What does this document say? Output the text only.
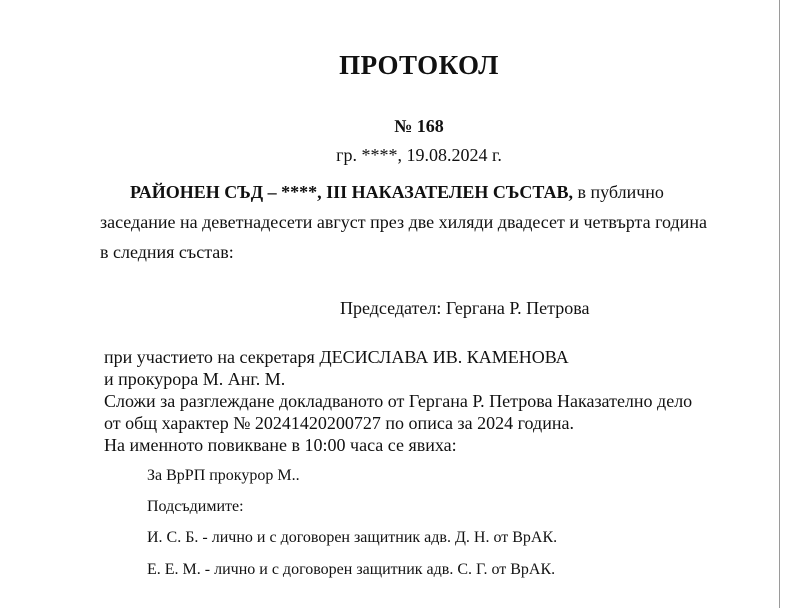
ПРОТОКОЛ
№ 168
гр. ****, 19.08.2024 г.
РАЙОНЕН СЪД – ****, III НАКАЗАТЕЛЕН СЪСТАВ, в публично
заседание на деветнадесети август през две хиляди двадесет и четвърта година
в следния състав:
Председател: Гергана Р. Петрова
при участието на секретаря ДЕСИСЛАВА ИВ. КАМЕНОВА
и прокурора М. Анг. М.
Сложи за разглеждане докладваното от Гергана Р. Петрова Наказателно дело
от общ характер № 20241420200727 по описа за 2024 година.
На именното повикване в 10:00 часа се явиха:
За ВрРП прокурор М..
Подсъдимите:
И. С. Б. - лично и с договорен защитник адв. Д. Н. от ВрАК.
Е. Е. М. - лично и с договорен защитник адв. С. Г. от ВрАК.
